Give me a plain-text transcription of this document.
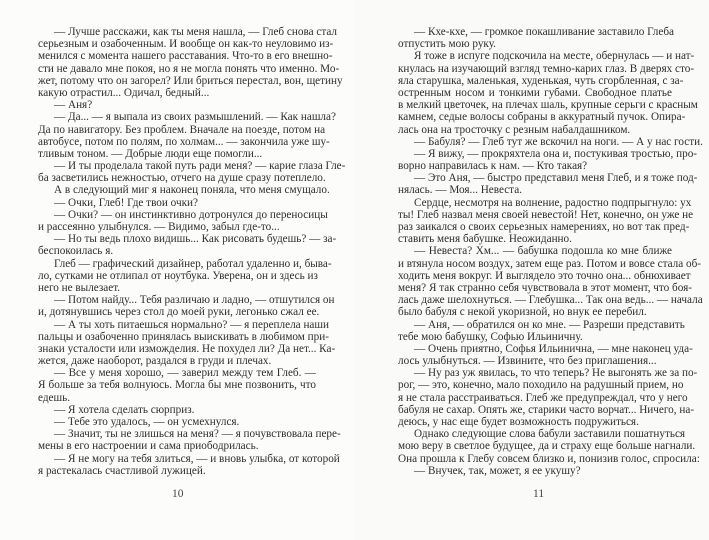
— Лучше расскажи, как ты меня нашла, — Глеб снова стал
серьезным и озабоченным. И вообще он как-то неуловимо из-
менился с момента нашего расставания. Что-то в его внешно-
сти не давало мне покоя, но я не могла понять что именно. Мо-
жет, потому что он загорел? Или бриться перестал, вон, щетину
какую отрастил... Одичал, бедный...
— Аня?
— Да... — я выпала из своих размышлений. — Как нашла?
Да по навигатору. Без проблем. Вначале на поезде, потом на
автобусе, потом по полям, по холмам... — закончила уже шу-
тливым тоном. — Добрые люди еще помогли...
— И ты проделала такой путь ради меня? — карие глаза Гле-
ба засветились нежностью, отчего на душе сразу потеплело.
А в следующий миг я наконец поняла, что меня смущало.
— Очки, Глеб! Где твои очки?
— Очки? — он инстинктивно дотронулся до переносицы
и рассеянно улыбнулся. — Видимо, забыл где-то...
— Но ты ведь плохо видишь... Как рисовать будешь? — за-
беспокоилась я.
Глеб — графический дизайнер, работал удаленно и, быва-
ло, сутками не отлипал от ноутбука. Уверена, он и здесь из
него не вылезает.
— Потом найду... Тебя различаю и ладно, — отшутился он
и, дотянувшись через стол до моей руки, легонько сжал ее.
— А ты хоть питаешься нормально? — я переплела наши
пальцы и озабоченно принялась выискивать в любимом при-
знаки усталости или изможделия. Не похудел ли? Да нет... Ка-
жется, даже наоборот, раздался в груди и плечах.
— Все у меня хорошо, — заверил между тем Глеб. —
Я больше за тебя волнуюсь. Могла бы мне позвонить, что
едешь.
— Я хотела сделать сюрприз.
— Тебе это удалось, — он усмехнулся.
— Значит, ты не злишься на меня? — я почувствовала пере-
мены в его настроении и сама приободрилась.
— Я не могу на тебя злиться, — и вновь улыбка, от которой
я растекалась счастливой лужицей.
10
— Кхе-кхе, — громкое покашливание заставило Глеба
отпустить мою руку.
Я тоже в испуге подскочила на месте, обернулась — и нат-
кнулась на изучающий взгляд темно-карих глаз. В дверях сто-
яла старушка, маленькая, худенькая, чуть сгорбленная, с за-
остренным носом и тонкими губами. Свободное платье
в мелкий цветочек, на плечах шаль, крупные серьги с красным
камнем, седые волосы собраны в аккуратный пучок. Опира-
лась она на тросточку с резным набалдашником.
— Бабуля? — Глеб тут же вскочил на ноги. — А у нас гости.
— Я вижу, — прокряхтела она и, постукивая тростью, про-
ворно направилась к нам. — Кто такая?
— Это Аня, — быстро представил меня Глеб, и я тоже под-
нялась. — Моя... Невеста.
Сердце, несмотря на волнение, радостно подпрыгнуло: ух
ты! Глеб назвал меня своей невестой! Нет, конечно, он уже не
раз заикался о своих серьезных намерениях, но вот так пред-
ставить меня бабушке. Неожиданно.
— Невеста? Хм... — бабушка подошла ко мне ближе
и втянула носом воздух, затем еще раз. Потом и вовсе стала об-
ходить меня вокруг. И выглядело это точно она... обнюхивает
меня? Я так странно себя чувствовала в этот момент, что боя-
лась даже шелохнуться. — Глебушка... Так она ведь... — начала
было бабуля с некой укоризной, но внук ее перебил.
— Аня, — обратился он ко мне. — Разреши представить
тебе мою бабушку, Софью Ильиничну.
— Очень приятно, Софья Ильинична, — мне наконец уда-
лось улыбнуться. — Извините, что без приглашения...
— Ну раз уж явилась, то что теперь? Не выгонять же за по-
рог, — это, конечно, мало походило на радушный прием, но
я не стала расстраиваться. Глеб же предупреждал, что у него
бабуля не сахар. Опять же, старики часто ворчат... Ничего, на-
деюсь, у нас еще будет возможность подружиться.
Однако следующие слова бабули заставили пошатнуться
мою веру в светлое будущее, да и страху еще больше нагнали.
Она прошла к Глебу совсем близко и, понизив голос, спросила:
— Внучек, так, может, я ее укушу?
11
